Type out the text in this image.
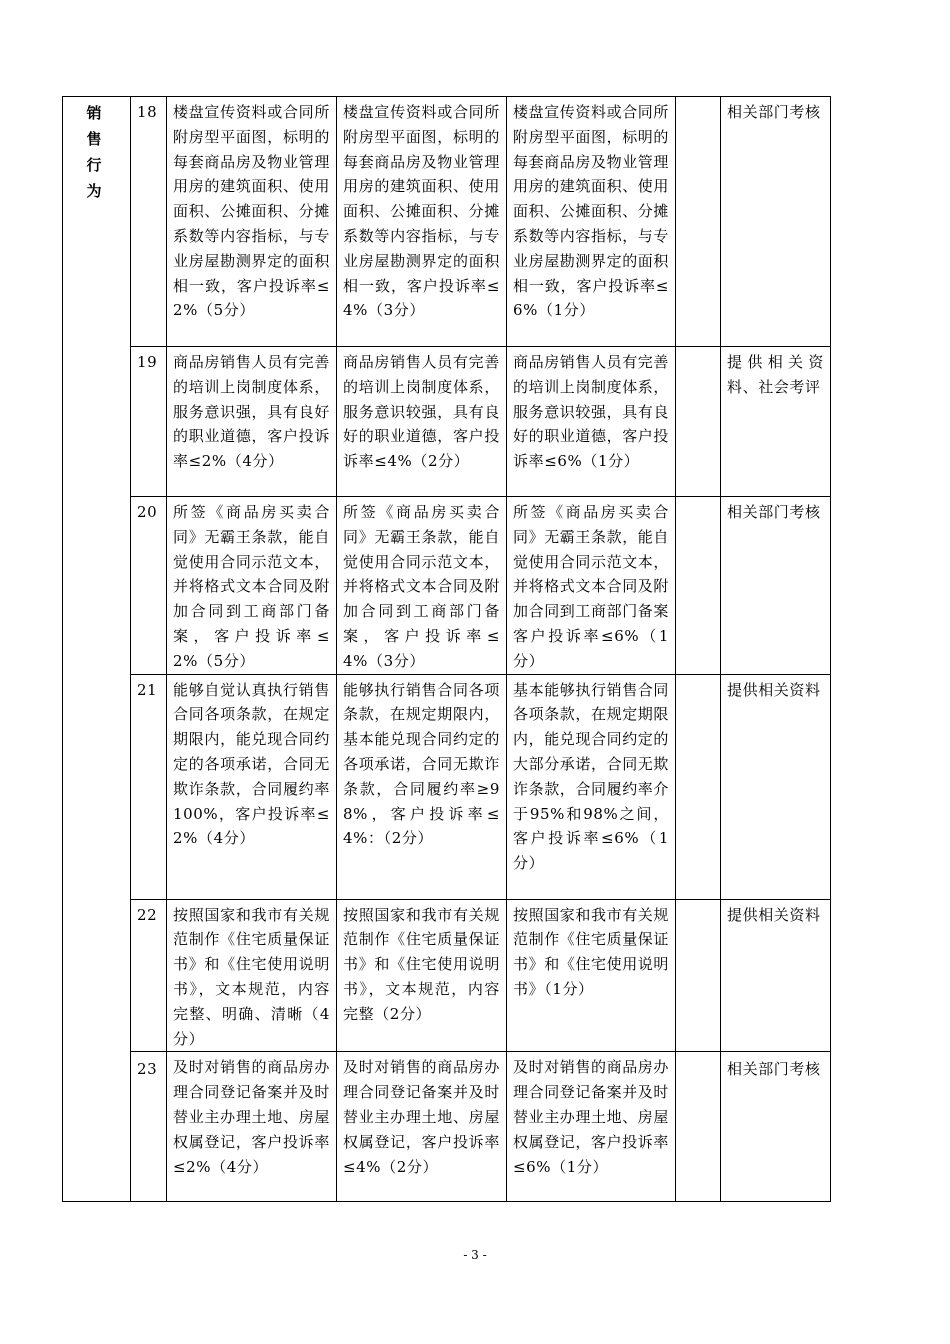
销售行为	18	楼盘宣传资料或合同所附房型平面图，标明的每套商品房及物业管理用房的建筑面积、使用面积、公摊面积、分摊系数等内容指标，与专业房屋勘测界定的面积相一致，客户投诉率≤2%（5分）	楼盘宣传资料或合同所附房型平面图，标明的每套商品房及物业管理用房的建筑面积、使用面积、公摊面积、分摊系数等内容指标，与专业房屋勘测界定的面积相一致，客户投诉率≤4%（3分）	楼盘宣传资料或合同所附房型平面图，标明的每套商品房及物业管理用房的建筑面积、使用面积、公摊面积、分摊系数等内容指标，与专业房屋勘测界定的面积相一致，客户投诉率≤6%（1分）		相关部门考核
	19	商品房销售人员有完善的培训上岗制度体系，服务意识强，具有良好的职业道德，客户投诉率≤2%（4分）	商品房销售人员有完善的培训上岗制度体系，服务意识较强，具有良好的职业道德，客户投诉率≤4%（2分）	商品房销售人员有完善的培训上岗制度体系，服务意识较强，具有良好的职业道德，客户投诉率≤6%（1分）		提供相关资料、社会考评
	20	所签《商品房买卖合同》无霸王条款，能自觉使用合同示范文本，并将格式文本合同及附加合同到工商部门备案，客户投诉率≤2%（5分）	所签《商品房买卖合同》无霸王条款，能自觉使用合同示范文本，并将格式文本合同及附加合同到工商部门备案，客户投诉率≤4%（3分）	所签《商品房买卖合同》无霸王条款，能自觉使用合同示范文本，并将格式文本合同及附加合同到工商部门备案客户投诉率≤6%（1分）		相关部门考核
	21	能够自觉认真执行销售合同各项条款，在规定期限内，能兑现合同约定的各项承诺，合同无欺诈条款，合同履约率100%，客户投诉率≤ 2%（4分）	能够执行销售合同各项条款，在规定期限内，基本能兑现合同约定的各项承诺，合同无欺诈条款，合同履约率≥98%，客户投诉率≤4%：（2分）	基本能够执行销售合同各项条款，在规定期限内，能兑现合同约定的大部分承诺，合同无欺诈条款，合同履约率介于95%和98%之间，客户投诉率≤6%（1分）		提供相关资料
	22	按照国家和我市有关规范制作《住宅质量保证书》和《住宅使用说明书》，文本规范，内容完整、明确、清晰（4分）	按照国家和我市有关规范制作《住宅质量保证书》和《住宅使用说明书》，文本规范，内容完整（2分）	按照国家和我市有关规范制作《住宅质量保证书》和《住宅使用说明书》（1分）		提供相关资料
	23	及时对销售的商品房办理合同登记备案并及时替业主办理土地、房屋权属登记，客户投诉率≤2%（4分）	及时对销售的商品房办理合同登记备案并及时替业主办理土地、房屋权属登记，客户投诉率≤4%（2分）	及时对销售的商品房办理合同登记备案并及时替业主办理土地、房屋权属登记，客户投诉率≤6%（1分）		相关部门考核
- 3 -
